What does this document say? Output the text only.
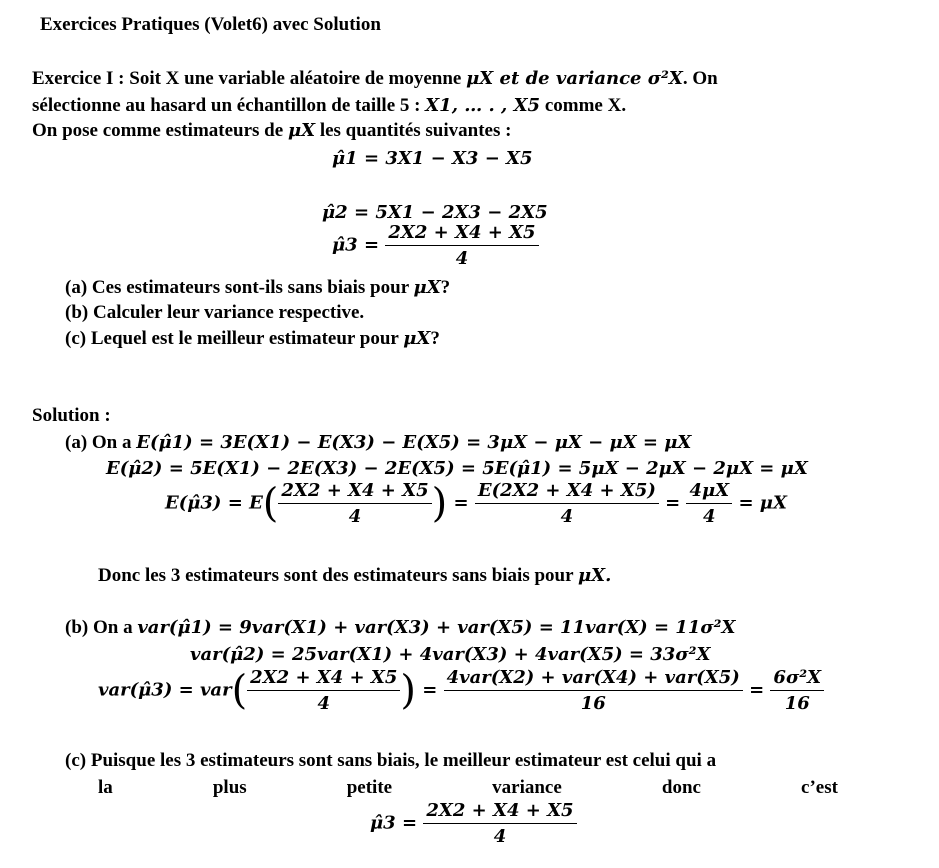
Exercices Pratiques (Volet6) avec Solution
Exercice I : Soit X une variable aléatoire de moyenne μX et de variance σ²X. On
sélectionne au hasard un échantillon de taille 5 : X1, … . , X5 comme X.
On pose comme estimateurs de μX les quantités suivantes :
μ̂1 = 3X1 − X3 − X5
μ̂2 = 5X1 − 2X3 − 2X5
μ̂3 = $\frac{2X2 + X4 + X5}{4}$
(a) Ces estimateurs sont-ils sans biais pour μX?
(b) Calculer leur variance respective.
(c) Lequel est le meilleur estimateur pour μX?
Solution :
(a) On a E(μ̂1) = 3E(X1) − E(X3) − E(X5) = 3μX − μX − μX = μX
E(μ̂2) = 5E(X1) − 2E(X3) − 2E(X5) = 5E(μ̂1) = 5μX − 2μX − 2μX = μX
E(μ̂3) = $E( \frac{2X2 + X4 + X5}{4}$ ) = $\frac{E(2X2 + X4 + X5)}{4} = \frac{4\mu X}{4} = \mu X$
Donc les 3 estimateurs sont des estimateurs sans biais pour μX.
(b) On a var(μ̂1) = 9var(X1) + var(X3) + var(X5) = 11var(X) = 11σ²X
var(μ̂2) = 25var(X1) + 4var(X3) + 4var(X5) = 33σ²X
var(μ̂3) = $var( \frac{2X2 + X4 + X5}{4}$ ) = $\frac{\text{4var(X2) + var(X4) + var(X5)}}{16} = \frac{\text{6σ²X}}{16}$
(c) Puisque les 3 estimateurs sont sans biais, le meilleur estimateur est celui qui a
la	plus	petite	variance	donc	c’est
μ̂3 = $\frac{2X2 + X4 + X5}{4}$
